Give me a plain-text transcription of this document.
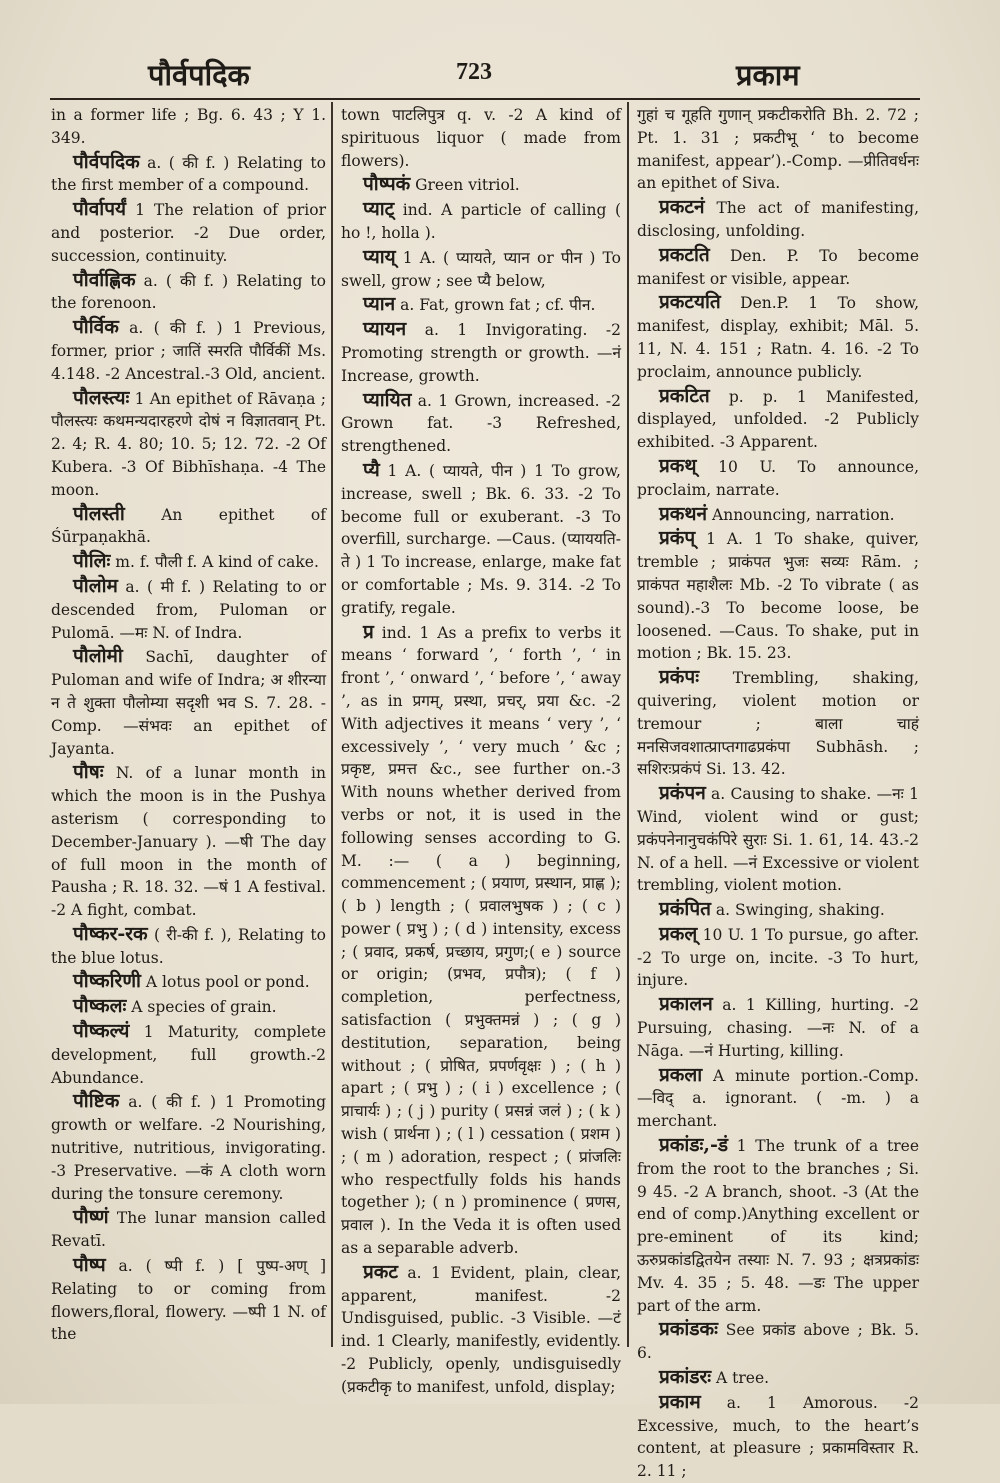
पौर्वपदिक	723	प्रकाम

in a former life ; Bg. 6. 43 ; Y 1. 349.

पौर्वपदिक a. ( की f. ) Relating to the first member of a compound.

पौर्वापर्यं 1 The relation of prior and posterior. -2 Due order, succession, continuity.

पौर्वाह्णिक a. ( की f. ) Relating to the forenoon.

पौर्विक a. ( की f. ) 1 Previous, former, prior ; जातिं स्मरति पौर्विकीं Ms. 4.148. -2 Ancestral.-3 Old, ancient.

पौलस्त्यः 1 An epithet of Rāvaṇa ; पौलस्त्यः कथमन्यदारहरणे दोषं न विज्ञातवान् Pt. 2. 4; R. 4. 80; 10. 5; 12. 72. -2 Of Kubera. -3 Of Bibhīshaṇa. -4 The moon.

पौलस्ती An epithet of Śūrpaṇakhā.

पौलिः m. f. पौली f. A kind of cake.

पौलोम a. ( मी f. ) Relating to or descended from, Puloman or Pulomā. —मः N. of Indra.

पौलोमी Sachī, daughter of Puloman and wife of Indra; अ शीरन्या न ते शुक्ता पौलोम्या सदृशी भव S. 7. 28. -Comp. —संभवः an epithet of Jayanta.

पौषः N. of a lunar month in which the moon is in the Pushya asterism ( corresponding to December-January ). —षी The day of full moon in the month of Pausha ; R. 18. 32. —षं 1 A festival. -2 A fight, combat.

पौष्कर-रक ( री-की f. ), Relating to the blue lotus.

पौष्करिणी A lotus pool or pond.

पौष्कलः A species of grain.

पौष्कल्यं 1 Maturity, complete development, full growth.-2 Abundance.

पौष्टिक a. ( की f. ) 1 Promoting growth or welfare. -2 Nourishing, nutritive, nutritious, invigorating. -3 Preservative. —कं A cloth worn during the tonsure ceremony.

पौष्णं The lunar mansion called Revatī.

पौष्प a. ( ष्पी f. ) [ पुष्प-अण् ] Relating to or coming from flowers,floral, flowery. —ष्पी 1 N. of the

town पाटलिपुत्र q. v. -2 A kind of spirituous liquor ( made from flowers).

पौष्पकं Green vitriol.

प्याट् ind. A particle of calling ( ho !, holla ).

प्याय् 1 A. ( प्यायते, प्यान or पीन ) To swell, grow ; see प्यै below,

प्यान a. Fat, grown fat ; cf. पीन.

प्यायन a. 1 Invigorating. -2 Promoting strength or growth. —नं Increase, growth.

प्यायित a. 1 Grown, increased. -2 Grown fat. -3 Refreshed, strengthened.

प्यै 1 A. ( प्यायते, पीन ) 1 To grow, increase, swell ; Bk. 6. 33. -2 To become full or exuberant. -3 To overfill, surcharge. —Caus. (प्याययति-ते ) 1 To increase, enlarge, make fat or comfortable ; Ms. 9. 314. -2 To gratify, regale.

प्र ind. 1 As a prefix to verbs it means ‘ forward ’, ‘ forth ’, ‘ in front ’, ‘ onward ’, ‘ before ’, ‘ away ’, as in प्रगम्, प्रस्था, प्रचर्, प्रया &c. -2 With adjectives it means ‘ very ’, ‘ excessively ’, ‘ very much ’ &c ; प्रकृष्ट, प्रमत्त &c., see further on.-3 With nouns whether derived from verbs or not, it is used in the following senses according to G. M. :— ( a ) beginning, commencement ; ( प्रयाण, प्रस्थान, प्राह्ण ); ( b ) length ; ( प्रवालभुषक ) ; ( c ) power ( प्रभु ) ; ( d ) intensity, excess ; ( प्रवाद, प्रकर्ष, प्रच्छाय, प्रगुण;( e ) source or origin; (प्रभव, प्रपौत्र); ( f ) completion, perfectness, satisfaction ( प्रभुक्तमन्नं ) ; ( g ) destitution, separation, being without ; ( प्रोषित, प्रपर्णवृक्षः ) ; ( h ) apart ; ( प्रभु ) ; ( i ) excellence ; ( प्राचार्यः ) ; ( j ) purity ( प्रसन्नं जलं ) ; ( k ) wish ( प्रार्थना ) ; ( l ) cessation ( प्रशम ) ; ( m ) adoration, respect ; ( प्रांजलिः who respectfully folds his hands together ); ( n ) prominence ( प्रणस, प्रवाल ). In the Veda it is often used as a separable adverb.

प्रकट a. 1 Evident, plain, clear, apparent, manifest. -2 Undisguised, public. -3 Visible. —टं ind. 1 Clearly, manifestly, evidently. -2 Publicly, openly, undisguisedly (प्रकटीकृ to manifest, unfold, display;

गुहां च गूहति गुणान् प्रकटीकरोति Bh. 2. 72 ; Pt. 1. 31 ; प्रकटीभू ‘ to become manifest, appear’).-Comp. —प्रीतिवर्धनः an epithet of Siva.

प्रकटनं The act of manifesting, disclosing, unfolding.

प्रकटति Den. P. To become manifest or visible, appear.

प्रकटयति Den.P. 1 To show, manifest, display, exhibit; Māl. 5. 11, N. 4. 151 ; Ratn. 4. 16. -2 To proclaim, announce publicly.

प्रकटित p. p. 1 Manifested, displayed, unfolded. -2 Publicly exhibited. -3 Apparent.

प्रकथ् 10 U. To announce, proclaim, narrate.

प्रकथनं Announcing, narration.

प्रकंप् 1 A. 1 To shake, quiver, tremble ; प्राकंपत भुजः सव्यः Rām. ; प्राकंपत महाशैलः Mb. -2 To vibrate ( as sound).-3 To become loose, be loosened. —Caus. To shake, put in motion ; Bk. 15. 23.

प्रकंपः Trembling, shaking, quivering, violent motion or tremour ; बाला चाहं मनसिजवशात्प्राप्तगाढप्रकंपा Subhāsh. ; सशिरःप्रकंपं Si. 13. 42.

प्रकंपन a. Causing to shake. —नः 1 Wind, violent wind or gust; प्रकंपनेनानुचकंपिरे सुराः Si. 1. 61, 14. 43.-2 N. of a hell. —नं Excessive or violent trembling, violent motion.

प्रकंपित a. Swinging, shaking.

प्रकल् 10 U. 1 To pursue, go after. -2 To urge on, incite. -3 To hurt, injure.

प्रकालन a. 1 Killing, hurting. -2 Pursuing, chasing. —नः N. of a Nāga. —नं Hurting, killing.

प्रकला A minute portion.-Comp. —विद् a. ignorant. ( -m. ) a merchant.

प्रकांडः,-डं 1 The trunk of a tree from the root to the branches ; Si. 9 45. -2 A branch, shoot. -3 (At the end of comp.)Anything excellent or pre-eminent of its kind; ऊरुप्रकांडद्वितयेन तस्याः N. 7. 93 ; क्षत्रप्रकांडः Mv. 4. 35 ; 5. 48. —डः The upper part of the arm.

प्रकांडकः See प्रकांड above ; Bk. 5. 6.

प्रकांडरः A tree.

प्रकाम a. 1 Amorous. -2 Excessive, much, to the heart’s content, at pleasure ; प्रकामविस्तार R. 2. 11 ;
